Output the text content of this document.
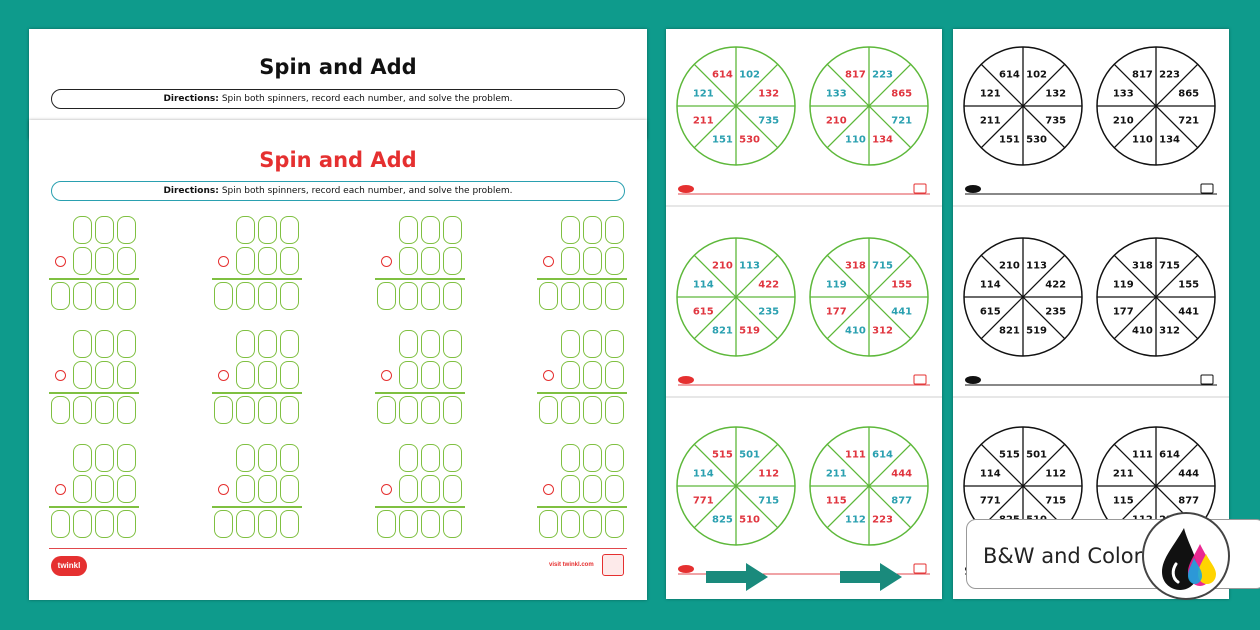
Spin and Add
Directions: Spin both spinners, record each number, and solve the problem.
Spin and Add
Directions: Spin both spinners, record each number, and solve the problem.
twinkl	visit twinkl.com
102
132
735
530
151
211
121
614	223
865
721
134
110
210
133
817
113
422
235
519
821
615
114
210	715
155
441
312
410
177
119
318
501
112
715
510
825
771
114
515	614
444
877
223
112
115
211
111
102
132
735
530
151
211
121
614	223
865
721
134
110
210
133
817
113
422
235
519
821
615
114
210	715
155
441
312
410
177
119
318
501
112
715
771
114
515	614
444
877
115
211
111
B&W and Color
